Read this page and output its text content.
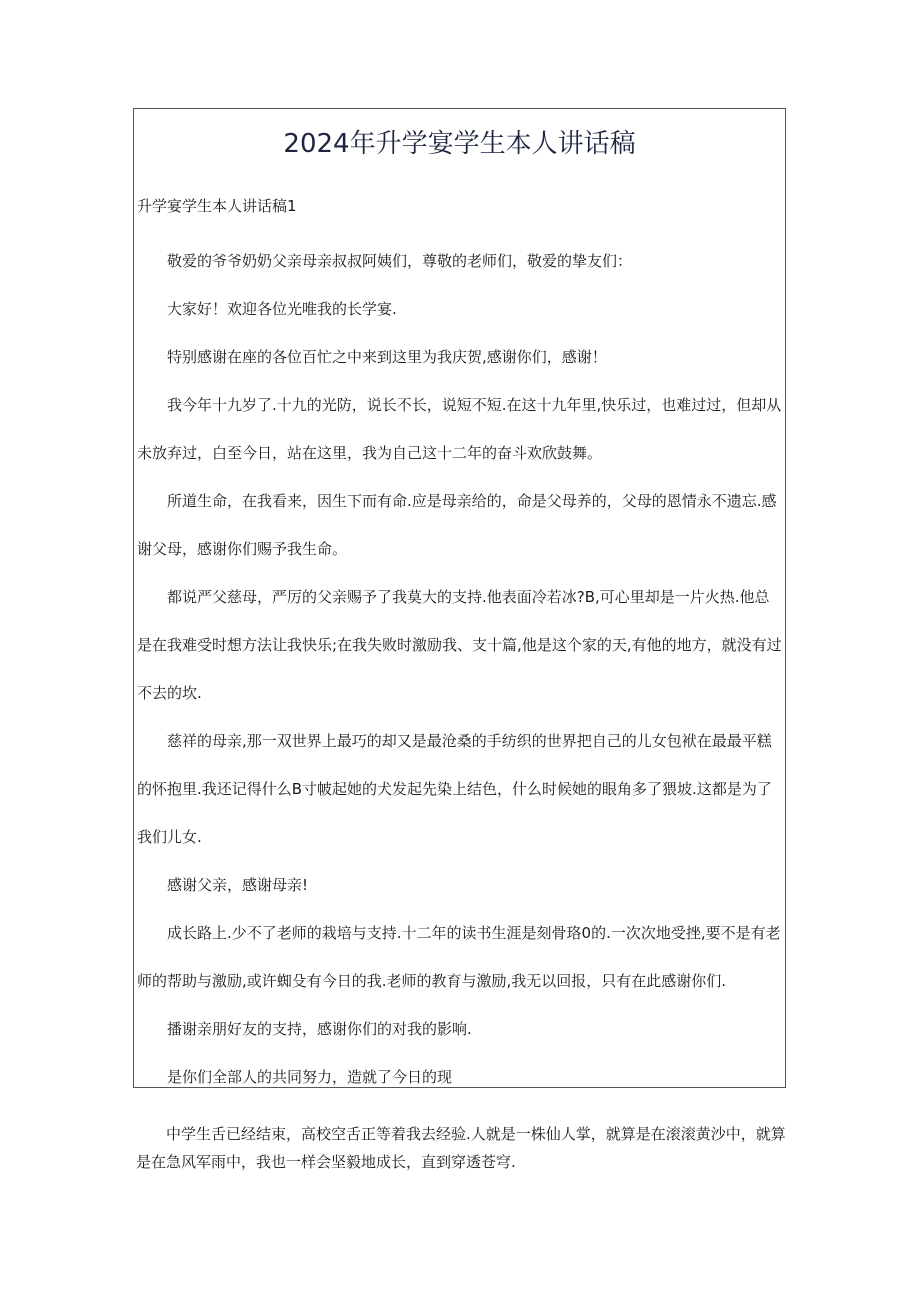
2024年升学宴学生本人讲话稿
升学宴学生本人讲话稿1

敬爱的爷爷奶奶父亲母亲叔叔阿姨们，尊敬的老师们，敬爱的挚友们：

大家好！欢迎各位光唯我的长学宴.

特别感谢在座的各位百忙之中来到这里为我庆贺,感谢你们，感谢！

我今年十九岁了.十九的光防，说长不长，说短不短.在这十九年里,快乐过，也难过过，但却从未放弃过，白至今日，站在这里，我为自己这十二年的奋斗欢欣鼓舞。

所道生命，在我看来，因生下而有命.应是母亲给的，命是父母养的，父母的恩情永不遗忘.感谢父母，感谢你们赐予我生命。

都说严父慈母，严厉的父亲赐予了我莫大的支持.他表面冷若冰?B,可心里却是一片火热.他总是在我难受时想方法让我快乐;在我失败时激励我、支十篇,他是这个家的天,有他的地方，就没有过不去的坎.

慈祥的母亲,那一双世界上最巧的却又是最沧桑的手纺织的世界把自己的儿女包袱在最最平糕的怀抱里.我还记得什么B寸帔起她的犬发起先染上结色，什么时候她的眼角多了猥坡.这都是为了我们儿女.

感谢父亲，感谢母亲!

成长路上.少不了老师的栽培与支持.十二年的读书生涯是刻骨珞0的.一次次地受挫,要不是有老师的帮助与激励,或许蜘殳有今日的我.老师的教育与激励,我无以回报，只有在此感谢你们.

播谢亲朋好友的支持，感谢你们的对我的影响.

是你们全部人的共同努力，造就了今日的现

中学生舌已经结束，高校空舌正等着我去经验.人就是一株仙人掌，就算是在滚滚黄沙中，就算是在急风军雨中，我也一样会坚毅地成长，直到穿透苍穹.
